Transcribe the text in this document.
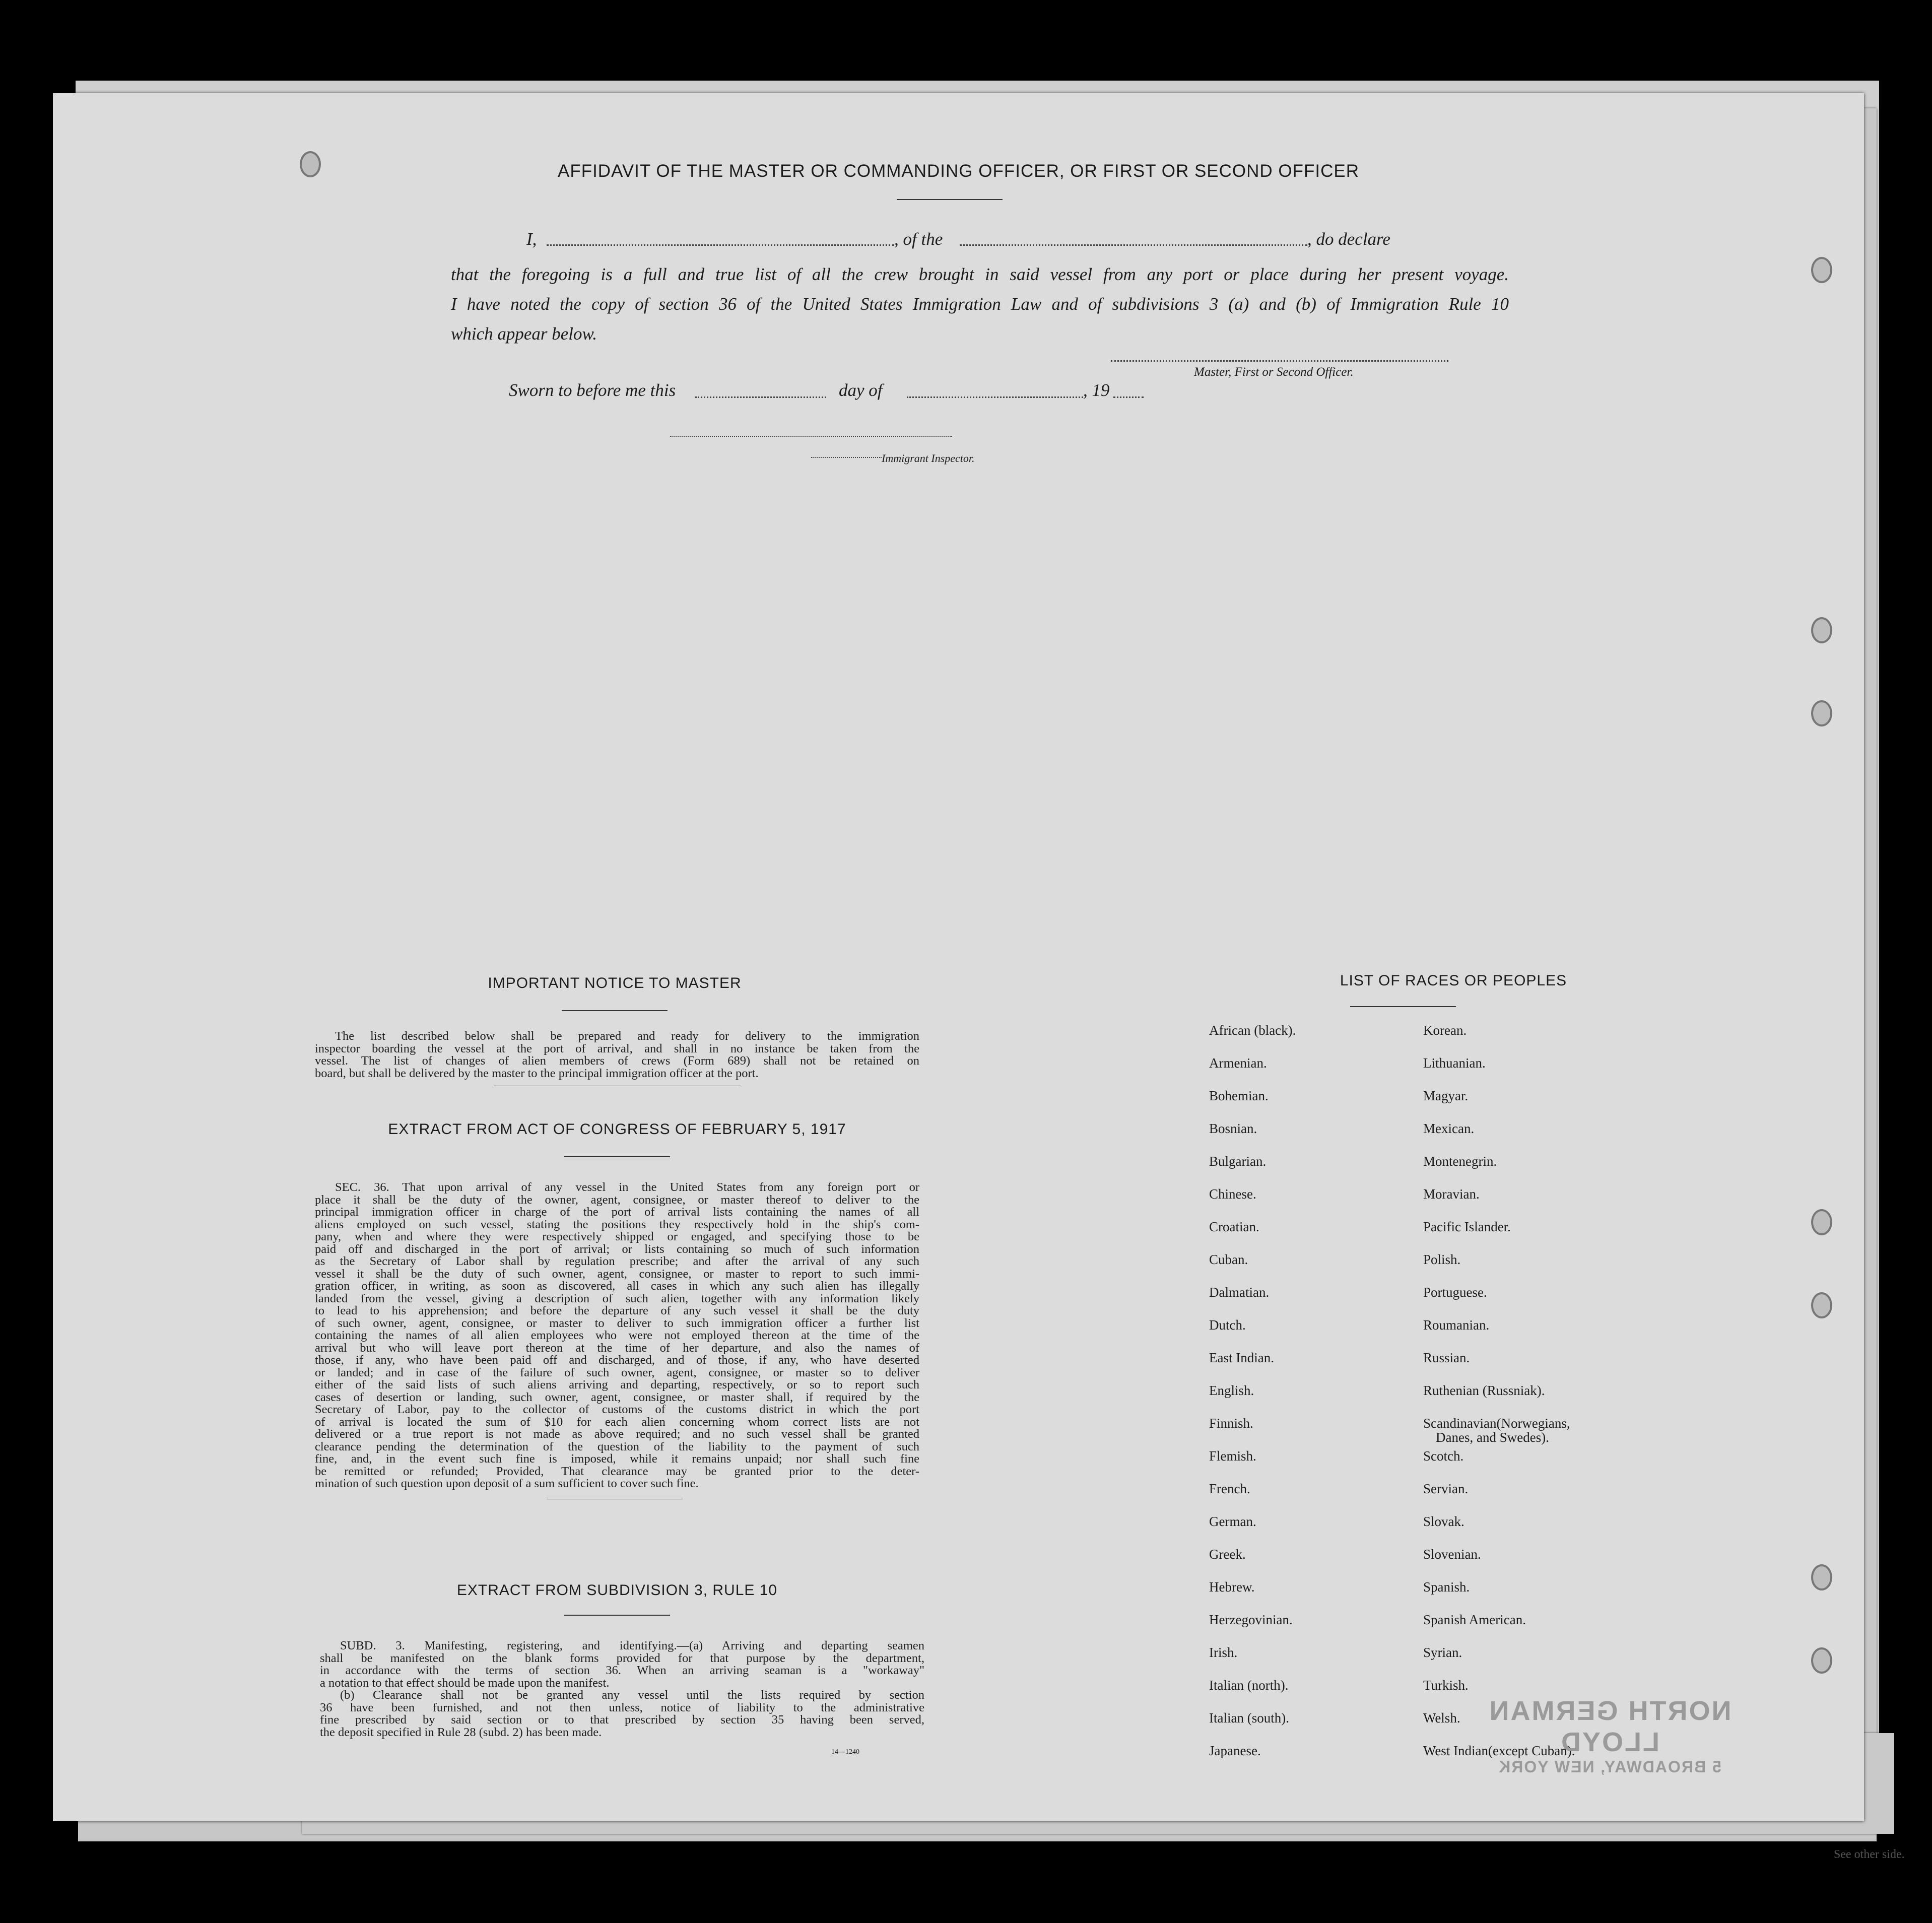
See other side.
AFFIDAVIT OF THE MASTER OR COMMANDING OFFICER, OR FIRST OR SECOND OFFICER
I,	, of the	, do declare
that the foregoing is a full and true list of all the crew brought in said vessel from any port or place during her present voyage.
I have noted the copy of section 36 of the United States Immigration Law and of subdivisions 3 (a) and (b) of Immigration Rule 10
which appear below.
Master, First or Second Officer.
Sworn to before me this	day of	, 19
Immigrant Inspector.
IMPORTANT NOTICE TO MASTER
The list described below shall be prepared and ready for delivery to the immigration
inspector boarding the vessel at the port of arrival, and shall in no instance be taken from the
vessel. The list of changes of alien members of crews (Form 689) shall not be retained on
board, but shall be delivered by the master to the principal immigration officer at the port.
EXTRACT FROM ACT OF CONGRESS OF FEBRUARY 5, 1917
SEC. 36. That upon arrival of any vessel in the United States from any foreign port or
place it shall be the duty of the owner, agent, consignee, or master thereof to deliver to the
principal immigration officer in charge of the port of arrival lists containing the names of all
aliens employed on such vessel, stating the positions they respectively hold in the ship's com-
pany, when and where they were respectively shipped or engaged, and specifying those to be
paid off and discharged in the port of arrival; or lists containing so much of such information
as the Secretary of Labor shall by regulation prescribe; and after the arrival of any such
vessel it shall be the duty of such owner, agent, consignee, or master to report to such immi-
gration officer, in writing, as soon as discovered, all cases in which any such alien has illegally
landed from the vessel, giving a description of such alien, together with any information likely
to lead to his apprehension; and before the departure of any such vessel it shall be the duty
of such owner, agent, consignee, or master to deliver to such immigration officer a further list
containing the names of all alien employees who were not employed thereon at the time of the
arrival but who will leave port thereon at the time of her departure, and also the names of
those, if any, who have been paid off and discharged, and of those, if any, who have deserted
or landed; and in case of the failure of such owner, agent, consignee, or master so to deliver
either of the said lists of such aliens arriving and departing, respectively, or so to report such
cases of desertion or landing, such owner, agent, consignee, or master shall, if required by the
Secretary of Labor, pay to the collector of customs of the customs district in which the port
of arrival is located the sum of $10 for each alien concerning whom correct lists are not
delivered or a true report is not made as above required; and no such vessel shall be granted
clearance pending the determination of the question of the liability to the payment of such
fine, and, in the event such fine is imposed, while it remains unpaid; nor shall such fine
be remitted or refunded; Provided, That clearance may be granted prior to the deter-
mination of such question upon deposit of a sum sufficient to cover such fine.
EXTRACT FROM SUBDIVISION 3, RULE 10
SUBD. 3. Manifesting, registering, and identifying.—(a) Arriving and departing seamen
shall be manifested on the blank forms provided for that purpose by the department,
in accordance with the terms of section 36. When an arriving seaman is a "workaway"
a notation to that effect should be made upon the manifest.
(b) Clearance shall not be granted any vessel until the lists required by section
36 have been furnished, and not then unless, notice of liability to the administrative
fine prescribed by said section or to that prescribed by section 35 having been served,
the deposit specified in Rule 28 (subd. 2) has been made.
14—1240
LIST OF RACES OR PEOPLES
African (black).
Armenian.
Bohemian.
Bosnian.
Bulgarian.
Chinese.
Croatian.
Cuban.
Dalmatian.
Dutch.
East Indian.
English.
Finnish.
Flemish.
French.
German.
Greek.
Hebrew.
Herzegovinian.
Irish.
Italian (north).
Italian (south).
Japanese.
Korean.
Lithuanian.
Magyar.
Mexican.
Montenegrin.
Moravian.
Pacific Islander.
Polish.
Portuguese.
Roumanian.
Russian.
Ruthenian (Russniak).
Scandinavian(Norwegians,
Danes, and Swedes).
Scotch.
Servian.
Slovak.
Slovenian.
Spanish.
Spanish American.
Syrian.
Turkish.
Welsh.
West Indian(except Cuban).
NORTH GERMAN LLOYD
5 BROADWAY, NEW YORK
